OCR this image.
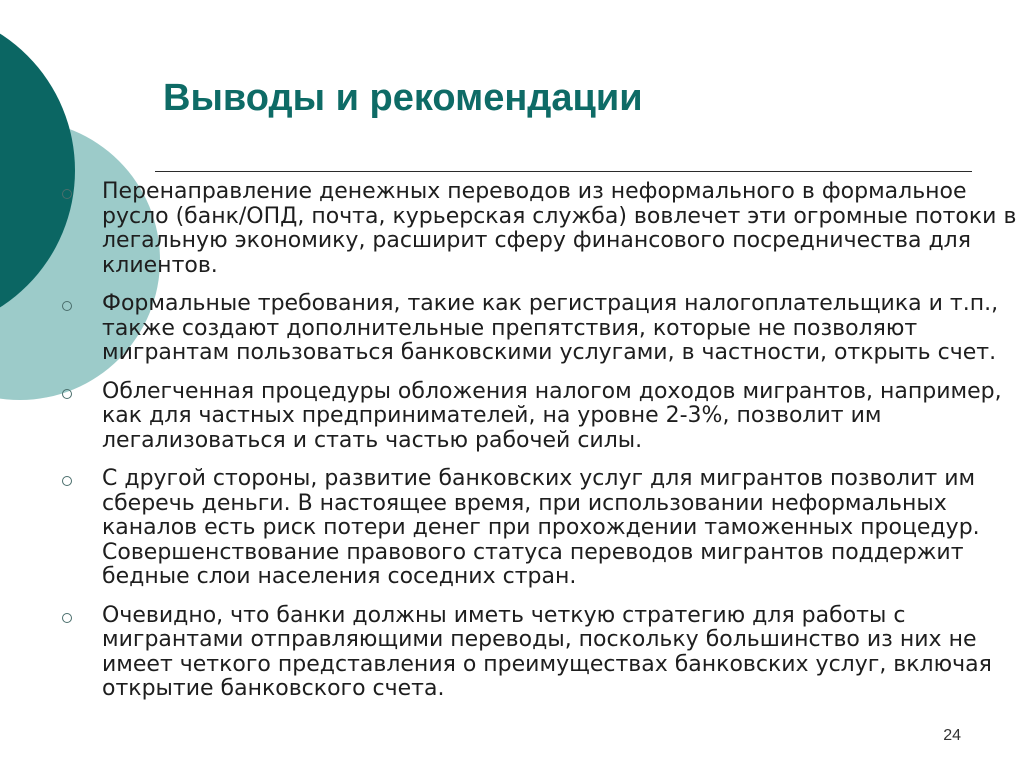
Выводы и рекомендации
Перенаправление денежных переводов из неформального в формальное русло (банк/ОПД, почта, курьерская служба) вовлечет эти огромные потоки в легальную экономику, расширит сферу финансового посредничества для клиентов.
Формальные требования, такие как регистрация налогоплательщика и т.п., также создают дополнительные препятствия, которые не позволяют мигрантам пользоваться банковскими услугами, в частности, открыть счет.
Облегченная процедуры обложения налогом доходов мигрантов, например, как для частных предпринимателей, на уровне 2-3%, позволит им легализоваться и стать частью рабочей силы.
С другой стороны, развитие банковских услуг для мигрантов позволит им сберечь деньги. В настоящее время, при использовании неформальных каналов есть риск потери денег при прохождении таможенных процедур. Совершенствование правового статуса переводов мигрантов поддержит бедные слои населения соседних стран.
Очевидно, что банки должны иметь четкую стратегию для работы с мигрантами отправляющими переводы, поскольку большинство из них не имеет четкого представления о преимуществах банковских услуг, включая открытие банковского счета.
24
